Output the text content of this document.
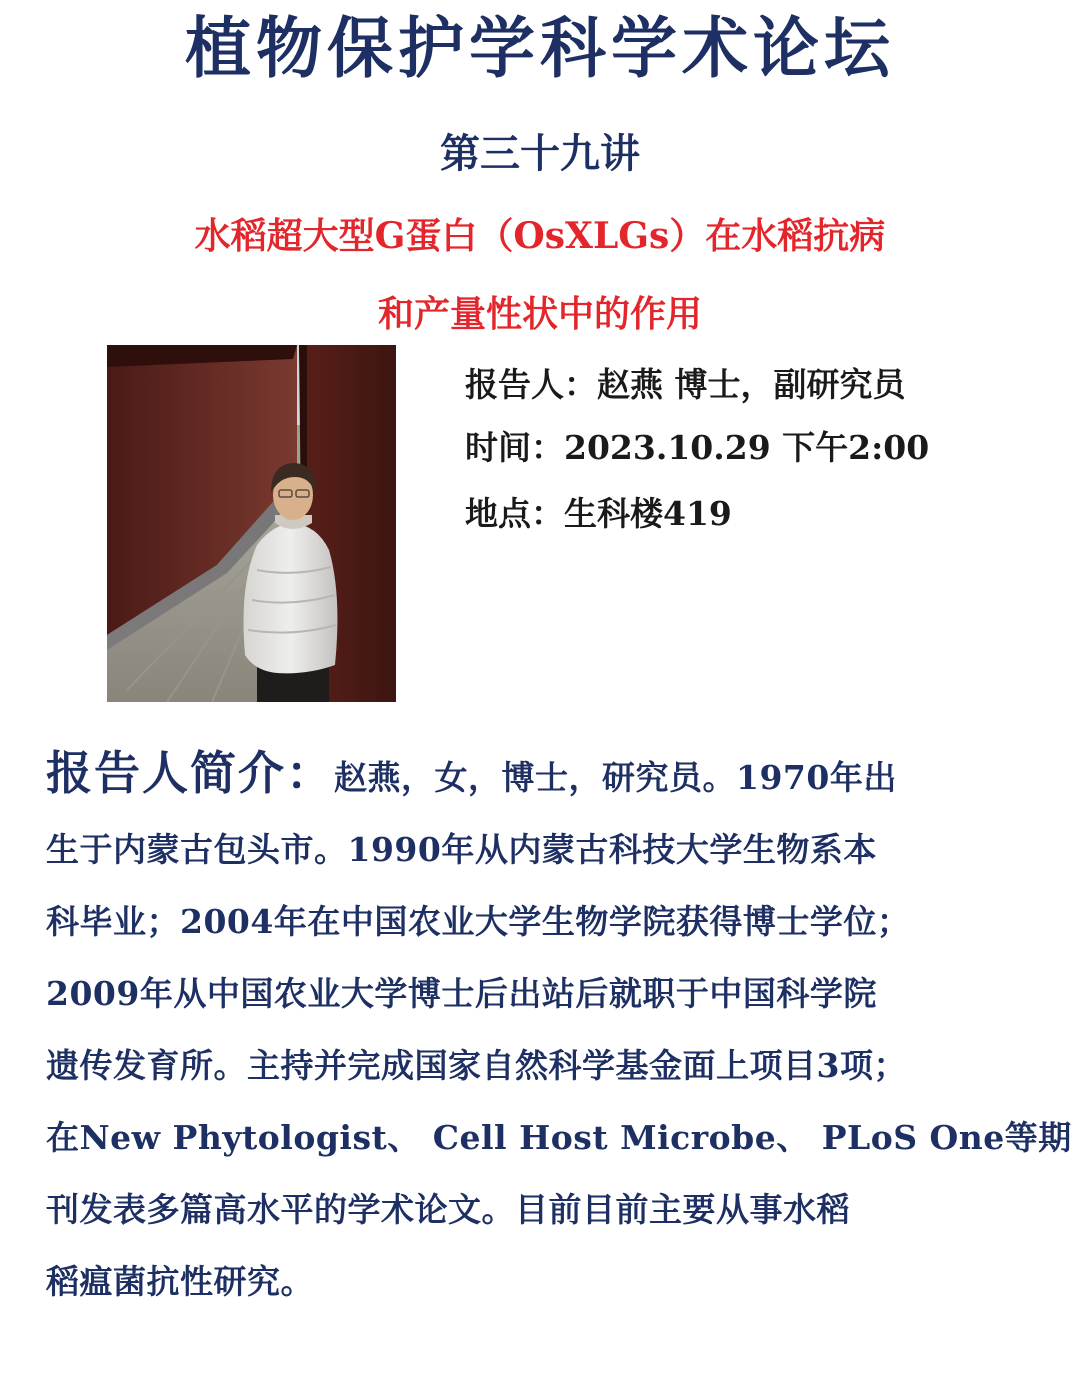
植物保护学科学术论坛
第三十九讲
水稻超大型G蛋白（OsXLGs）在水稻抗病
和产量性状中的作用
报告人：赵燕 博士，副研究员
时间：2023.10.29 下午2:00
地点：生科楼419
报告人简介：赵燕，女，博士，研究员。1970年出
生于内蒙古包头市。1990年从内蒙古科技大学生物系本
科毕业；2004年在中国农业大学生物学院获得博士学位；
2009年从中国农业大学博士后出站后就职于中国科学院
遗传发育所。主持并完成国家自然科学基金面上项目3项；
在New Phytologist、 Cell Host Microbe、 PLoS One等期
刊发表多篇高水平的学术论文。目前目前主要从事水稻
稻瘟菌抗性研究。
